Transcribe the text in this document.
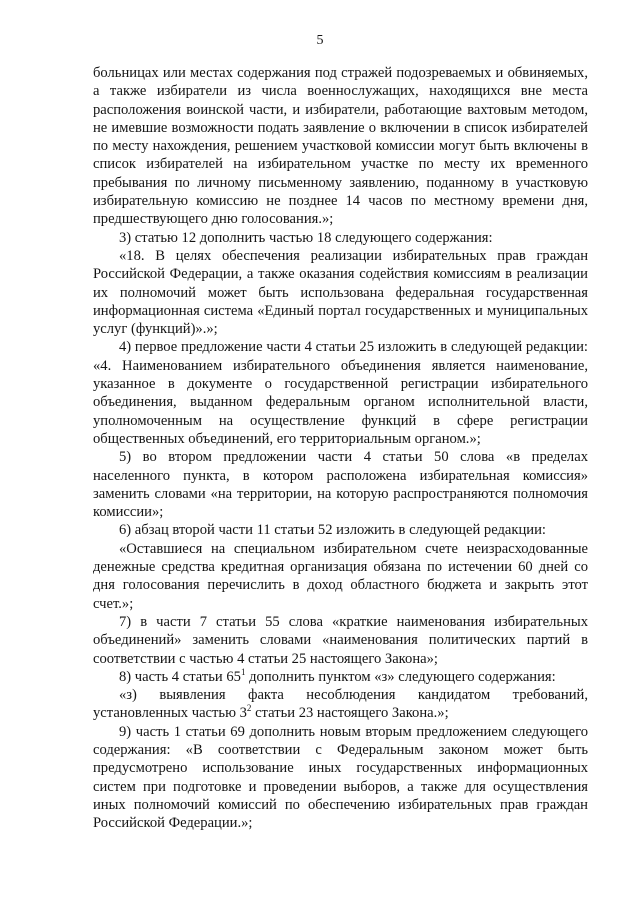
5

больницах или местах содержания под стражей подозреваемых и обвиняемых, а также избиратели из числа военнослужащих, находящихся вне места расположения воинской части, и избиратели, работающие вахтовым методом, не имевшие возможности подать заявление о включении в список избирателей по месту нахождения, решением участковой комиссии могут быть включены в список избирателей на избирательном участке по месту их временного пребывания по личному письменному заявлению, поданному в участковую избирательную комиссию не позднее 14 часов по местному времени дня, предшествующего дню голосования.»;

3) статью 12 дополнить частью 18 следующего содержания:

«18. В целях обеспечения реализации избирательных прав граждан Российской Федерации, а также оказания содействия комиссиям в реализации их полномочий может быть использована федеральная государственная информационная система «Единый портал государственных и муниципальных услуг (функций)».»;

4) первое предложение части 4 статьи 25 изложить в следующей редакции: «4. Наименованием избирательного объединения является наименование, указанное в документе о государственной регистрации избирательного объединения, выданном федеральным органом исполнительной власти, уполномоченным на осуществление функций в сфере регистрации общественных объединений, его территориальным органом.»;

5) во втором предложении части 4 статьи 50 слова «в пределах населенного пункта, в котором расположена избирательная комиссия» заменить словами «на территории, на которую распространяются полномочия комиссии»;

6) абзац второй части 11 статьи 52 изложить в следующей редакции:

«Оставшиеся на специальном избирательном счете неизрасходованные денежные средства кредитная организация обязана по истечении 60 дней со дня голосования перечислить в доход областного бюджета и закрыть этот счет.»;

7) в части 7 статьи 55 слова «краткие наименования избирательных объединений» заменить словами «наименования политических партий в соответствии с частью 4 статьи 25 настоящего Закона»;

8) часть 4 статьи $65^1$ дополнить пунктом «з» следующего содержания:

«з) выявления факта несоблюдения кандидатом требований, установленных частью $3^2$ статьи 23 настоящего Закона.»;

9) часть 1 статьи 69 дополнить новым вторым предложением следующего содержания: «В соответствии с Федеральным законом может быть предусмотрено использование иных государственных информационных систем при подготовке и проведении выборов, а также для осуществления иных полномочий комиссий по обеспечению избирательных прав граждан Российской Федерации.»;
